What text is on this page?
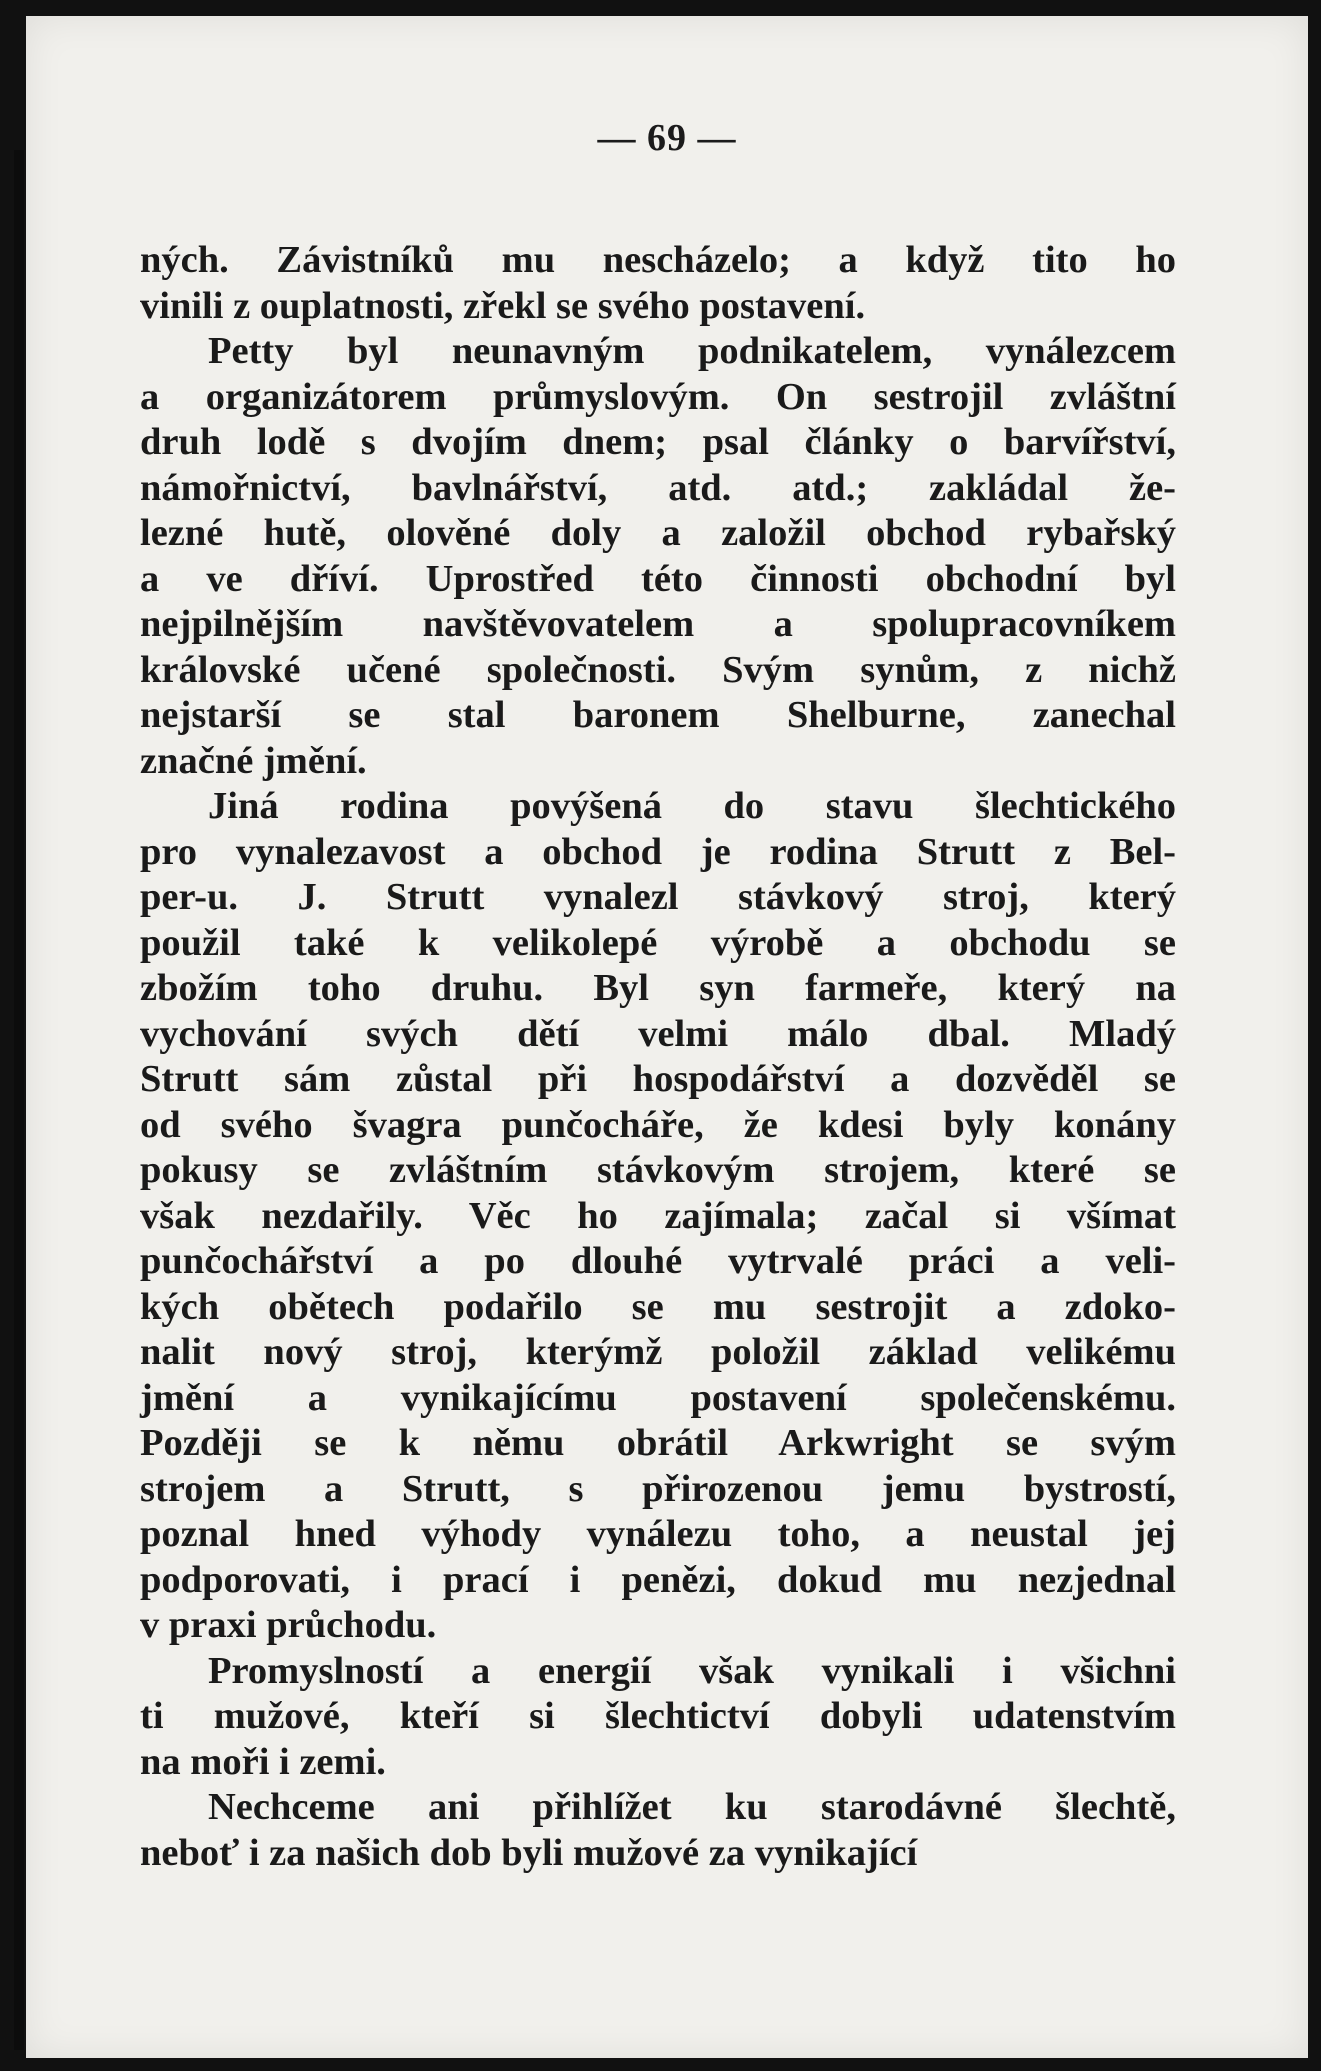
— 69 —
ných. Závistníků mu nescházelo; a když tito ho
vinili z ouplatnosti, zřekl se svého postavení.
Petty byl neunavným podnikatelem, vynálezcem
a organizátorem průmyslovým. On sestrojil zvláštní
druh lodě s dvojím dnem; psal články o barvířství,
námořnictví, bavlnářství, atd. atd.; zakládal že-
lezné hutě, olověné doly a založil obchod rybařský
a ve dříví. Uprostřed této činnosti obchodní byl
nejpilnějším navštěvovatelem a spolupracovníkem
královské učené společnosti. Svým synům, z nichž
nejstarší se stal baronem Shelburne, zanechal
značné jmění.
Jiná rodina povýšená do stavu šlechtického
pro vynalezavost a obchod je rodina Strutt z Bel-
per-u. J. Strutt vynalezl stávkový stroj, který
použil také k velikolepé výrobě a obchodu se
zbožím toho druhu. Byl syn farmeře, který na
vychování svých dětí velmi málo dbal. Mladý
Strutt sám zůstal při hospodářství a dozvěděl se
od svého švagra punčocháře, že kdesi byly konány
pokusy se zvláštním stávkovým strojem, které se
však nezdařily. Věc ho zajímala; začal si všímat
punčochářství a po dlouhé vytrvalé práci a veli-
kých obětech podařilo se mu sestrojit a zdoko-
nalit nový stroj, kterýmž položil základ velikému
jmění a vynikajícímu postavení společenskému.
Později se k němu obrátil Arkwright se svým
strojem a Strutt, s přirozenou jemu bystrostí,
poznal hned výhody vynálezu toho, a neustal jej
podporovati, i prací i penězi, dokud mu nezjednal
v praxi průchodu.
Promyslností a energií však vynikali i všichni
ti mužové, kteří si šlechtictví dobyli udatenstvím
na moři i zemi.
Nechceme ani přihlížet ku starodávné šlechtě,
neboť i za našich dob byli mužové za vynikající
